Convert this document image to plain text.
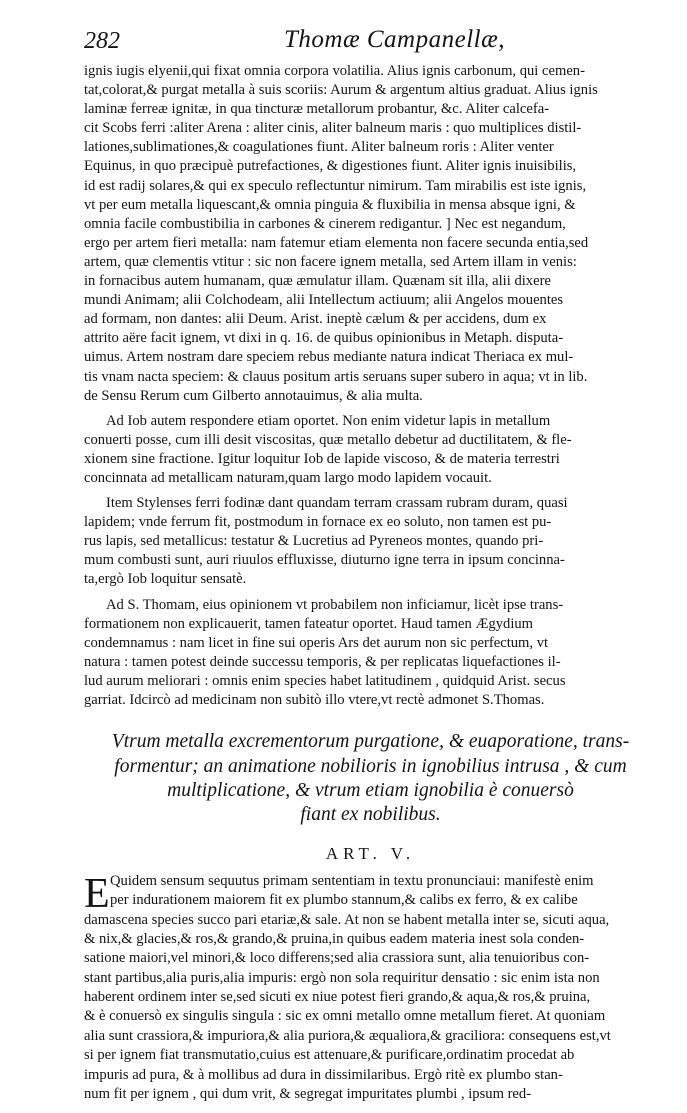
282	Thomæ Campanellæ,
ignis iugis elyenii,qui fixat omnia corpora volatilia. Alius ignis carbonum, qui cemen-
tat,colorat,& purgat metalla à suis scoriis: Aurum & argentum altius graduat. Alius ignis
laminæ ferreæ ignitæ, in qua tincturæ metallorum probantur, &c. Aliter calcefa-
cit Scobs ferri :aliter Arena : aliter cinis, aliter balneum maris : quo multiplices distil-
lationes,sublimationes,& coagulationes fiunt. Aliter balneum roris : Aliter venter
Equinus, in quo præcipuè putrefactiones, & digestiones fiunt. Aliter ignis inuisibilis,
id est radij solares,& qui ex speculo reflectuntur nimirum. Tam mirabilis est iste ignis,
vt per eum metalla liquescant,& omnia pinguia & fluxibilia in mensa absque igni, &
omnia facile combustibilia in carbones & cinerem redigantur. ] Nec est negandum,
ergo per artem fieri metalla: nam fatemur etiam elementa non facere secunda entia,sed
artem, quæ clementis vtitur : sic non facere ignem metalla, sed Artem illam in venis:
in fornacibus autem humanam, quæ æmulatur illam. Quænam sit illa, alii dixere
mundi Animam; alii Colchodeam, alii Intellectum actiuum; alii Angelos mouentes
ad formam, non dantes: alii Deum. Arist. ineptè cælum & per accidens, dum ex
attrito aëre facit ignem, vt dixi in q. 16. de quibus opinionibus in Metaph. disputa-
uimus. Artem nostram dare speciem rebus mediante natura indicat Theriaca ex mul-
tis vnam nacta speciem: & clauus positum artis seruans super subero in aqua; vt in lib.
de Sensu Rerum cum Gilberto annotauimus, & alia multa.
Ad Iob autem respondere etiam oportet. Non enim videtur lapis in metallum
conuerti posse, cum illi desit viscositas, quæ metallo debetur ad ductilitatem, & fle-
xionem sine fractione. Igitur loquitur Iob de lapide viscoso, & de materia terrestri
concinnata ad metallicam naturam,quam largo modo lapidem vocauit.
Item Stylenses ferri fodinæ dant quandam terram crassam rubram duram, quasi
lapidem; vnde ferrum fit, postmodum in fornace ex eo soluto, non tamen est pu-
rus lapis, sed metallicus: testatur & Lucretius ad Pyreneos montes, quando pri-
mum combusti sunt, auri riuulos effluxisse, diuturno igne terra in ipsum concinna-
ta,ergò Iob loquitur sensatè.
Ad S. Thomam, eius opinionem vt probabilem non inficiamur, licèt ipse trans-
formationem non explicauerit, tamen fateatur oportet. Haud tamen Ægydium
condemnamus : nam licet in fine sui operis Ars det aurum non sic perfectum, vt
natura : tamen potest deinde successu temporis, & per replicatas liquefactiones il-
lud aurum meliorari : omnis enim species habet latitudinem , quidquid Arist. secus
garriat. Idcircò ad medicinam non subitò illo vtere,vt rectè admonet S.Thomas.
Vtrum metalla excrementorum purgatione, & euaporatione, trans-
formentur; an animatione nobilioris in ignobilius intrusa , & cum
multiplicatione, & vtrum etiam ignobilia è conuersò
fiant ex nobilibus.
ART. V.
E Quidem sensum sequutus primam sententiam in textu pronunciaui: manifestè enim
per indurationem maiorem fit ex plumbo stannum,& calibs ex ferro, & ex calibe
damascena species succo pari etariæ,& sale. At non se habent metalla inter se, sicuti aqua,
& nix,& glacies,& ros,& grando,& pruina,in quibus eadem materia inest sola conden-
satione maiori,vel minori,& loco differens;sed alia crassiora sunt, alia tenuioribus con-
stant partibus,alia puris,alia impuris: ergò non sola requiritur densatio : sic enim ista non
haberent ordinem inter se,sed sicuti ex niue potest fieri grando,& aqua,& ros,& pruina,
& è conuersò ex singulis singula : sic ex omni metallo omne metallum fieret. At quoniam
alia sunt crassiora,& impuriora,& alia puriora,& æqualiora,& graciliora: consequens est,vt
si per ignem fiat transmutatio,cuius est attenuare,& purificare,ordinatim procedat ab
impuris ad pura, & à mollibus ad dura in dissimilaribus. Ergò ritè ex plumbo stan-
num fit per ignem , qui dum vrit, & segregat impuritates plumbi , ipsum red-
